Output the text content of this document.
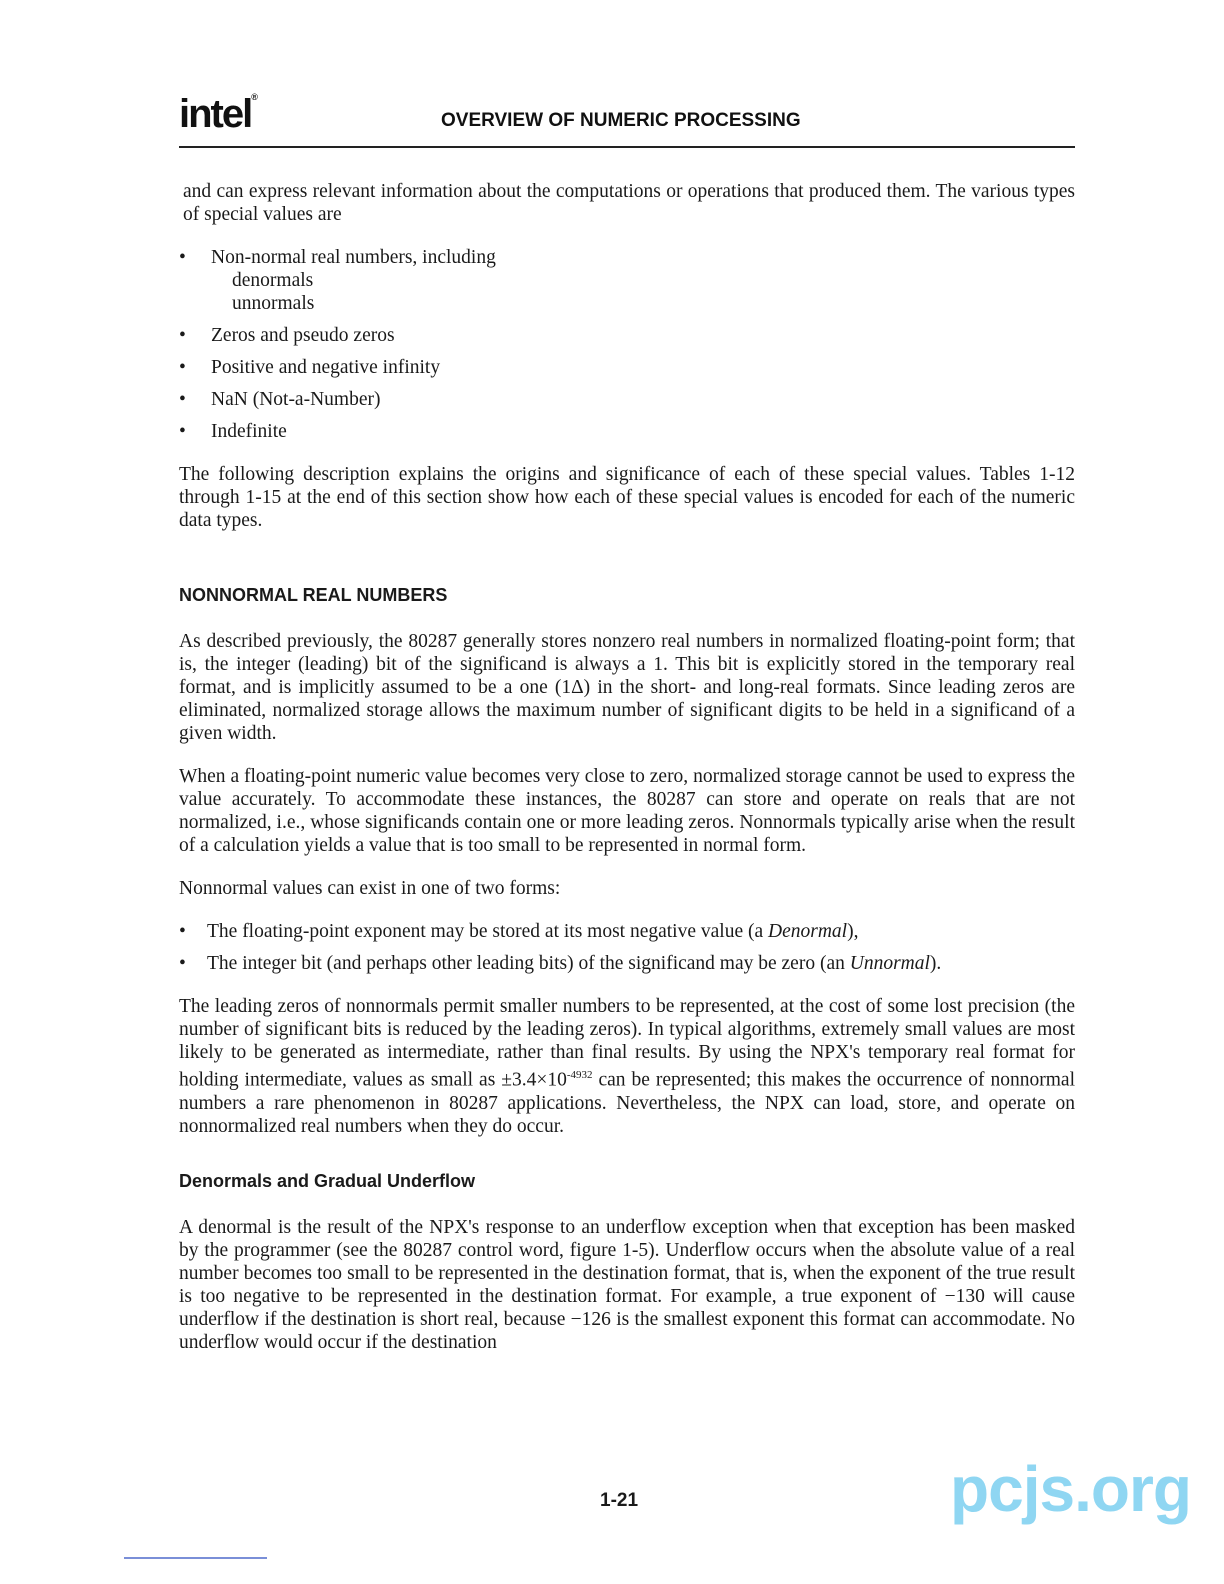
intel®
OVERVIEW OF NUMERIC PROCESSING

and can express relevant information about the computations or operations that produced them. The various types of special values are

• Non-normal real numbers, including
denormals
unnormals
• Zeros and pseudo zeros
• Positive and negative infinity
• NaN (Not-a-Number)
• Indefinite

The following description explains the origins and significance of each of these special values. Tables 1-12 through 1-15 at the end of this section show how each of these special values is encoded for each of the numeric data types.

NONNORMAL REAL NUMBERS

As described previously, the 80287 generally stores nonzero real numbers in normalized floating-point form; that is, the integer (leading) bit of the significand is always a 1. This bit is explicitly stored in the temporary real format, and is implicitly assumed to be a one (1Δ) in the short- and long-real formats. Since leading zeros are eliminated, normalized storage allows the maximum number of significant digits to be held in a significand of a given width.

When a floating-point numeric value becomes very close to zero, normalized storage cannot be used to express the value accurately. To accommodate these instances, the 80287 can store and operate on reals that are not normalized, i.e., whose significands contain one or more leading zeros. Nonnormals typically arise when the result of a calculation yields a value that is too small to be represented in normal form.

Nonnormal values can exist in one of two forms:

• The floating-point exponent may be stored at its most negative value (a Denormal),
• The integer bit (and perhaps other leading bits) of the significand may be zero (an Unnormal).

The leading zeros of nonnormals permit smaller numbers to be represented, at the cost of some lost precision (the number of significant bits is reduced by the leading zeros). In typical algorithms, extremely small values are most likely to be generated as intermediate, rather than final results. By using the NPX's temporary real format for holding intermediate, values as small as $\pm 3.4\times 10^{-4932}$ can be represented; this makes the occurrence of nonnormal numbers a rare phenomenon in 80287 applications. Nevertheless, the NPX can load, store, and operate on nonnormalized real numbers when they do occur.

Denormals and Gradual Underflow

A denormal is the result of the NPX's response to an underflow exception when that exception has been masked by the programmer (see the 80287 control word, figure 1-5). Underflow occurs when the absolute value of a real number becomes too small to be represented in the destination format, that is, when the exponent of the true result is too negative to be represented in the destination format. For example, a true exponent of −130 will cause underflow if the destination is short real, because −126 is the smallest exponent this format can accommodate. No underflow would occur if the destination

1-21	pcjs.org
